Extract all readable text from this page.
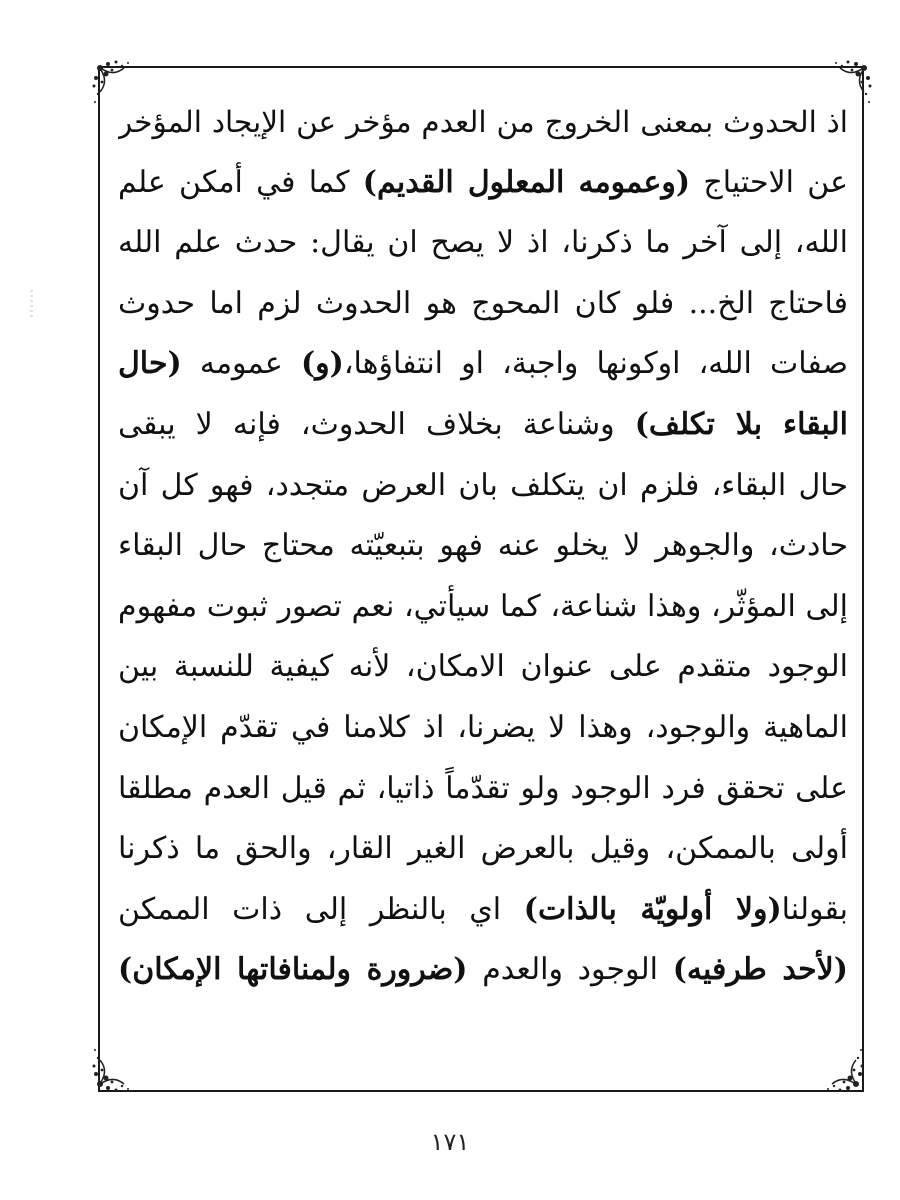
اذ الحدوث بمعنى الخروج من العدم مؤخر عن الإيجاد المؤخر
عن الاحتياج (وعمومه المعلول القديم) كما في أمكن علم
الله، إلى آخر ما ذكرنا، اذ لا يصح ان يقال: حدث علم الله
فاحتاج الخ... فلو كان المحوج هو الحدوث لزم اما حدوث
صفات الله، اوكونها واجبة، او انتفاؤها،(و) عمومه (حال
البقاء بلا تكلف) وشناعة بخلاف الحدوث، فإنه لا يبقى
حال البقاء، فلزم ان يتكلف بان العرض متجدد، فهو كل آن
حادث، والجوهر لا يخلو عنه فهو بتبعيّته محتاج حال البقاء
إلى المؤثّر، وهذا شناعة، كما سيأتي، نعم تصور ثبوت مفهوم
الوجود متقدم على عنوان الامكان، لأنه كيفية للنسبة بين
الماهية والوجود، وهذا لا يضرنا، اذ كلامنا في تقدّم الإمكان
على تحقق فرد الوجود ولو تقدّماً ذاتيا، ثم قيل العدم مطلقا
أولى بالممكن، وقيل بالعرض الغير القار، والحق ما ذكرنا
بقولنا(ولا أولويّة بالذات) اي بالنظر إلى ذات الممكن
(لأحد طرفيه) الوجود والعدم (ضرورة ولمنافاتها الإمكان)
١٧١
